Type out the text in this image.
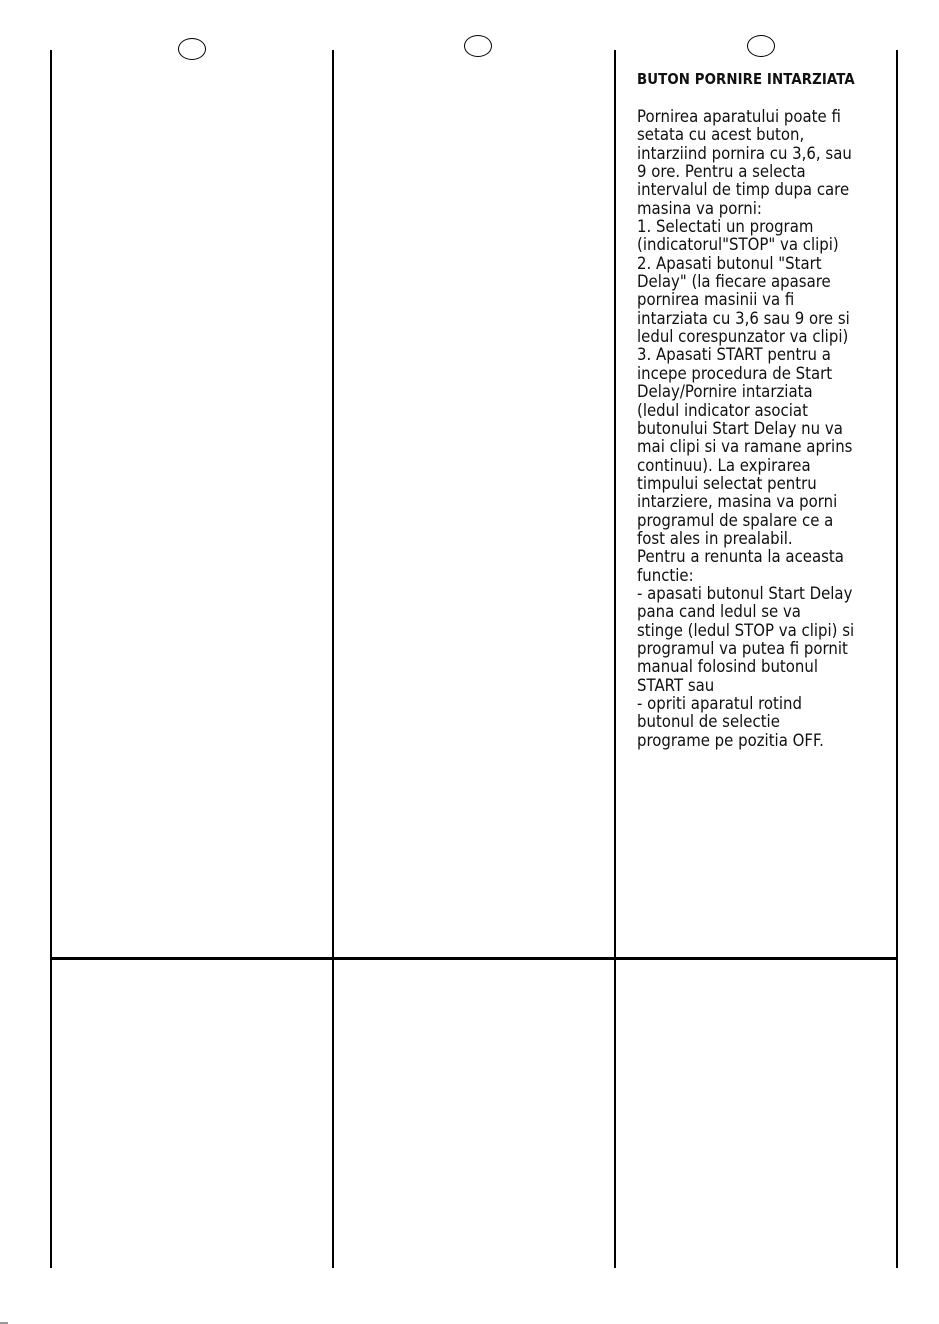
BUTON PORNIRE INTARZIATA
Pornirea aparatului poate fi
setata cu acest buton,
intarziind pornira cu 3,6, sau
9 ore. Pentru a selecta
intervalul de timp dupa care
masina va porni:
1. Selectati un program
(indicatorul"STOP" va clipi)
2. Apasati butonul "Start
Delay" (la fiecare apasare
pornirea masinii va fi
intarziata cu 3,6 sau 9 ore si
ledul corespunzator va clipi)
3. Apasati START pentru a
incepe procedura de Start
Delay/Pornire intarziata
(ledul indicator asociat
butonului Start Delay nu va
mai clipi si va ramane aprins
continuu). La expirarea
timpului selectat pentru
intarziere, masina va porni
programul de spalare ce a
fost ales in prealabil.
Pentru a renunta la aceasta
functie:
- apasati butonul Start Delay
pana cand ledul se va
stinge (ledul STOP va clipi) si
programul va putea fi pornit
manual folosind butonul
START sau
- opriti aparatul rotind
butonul de selectie
programe pe pozitia OFF.
